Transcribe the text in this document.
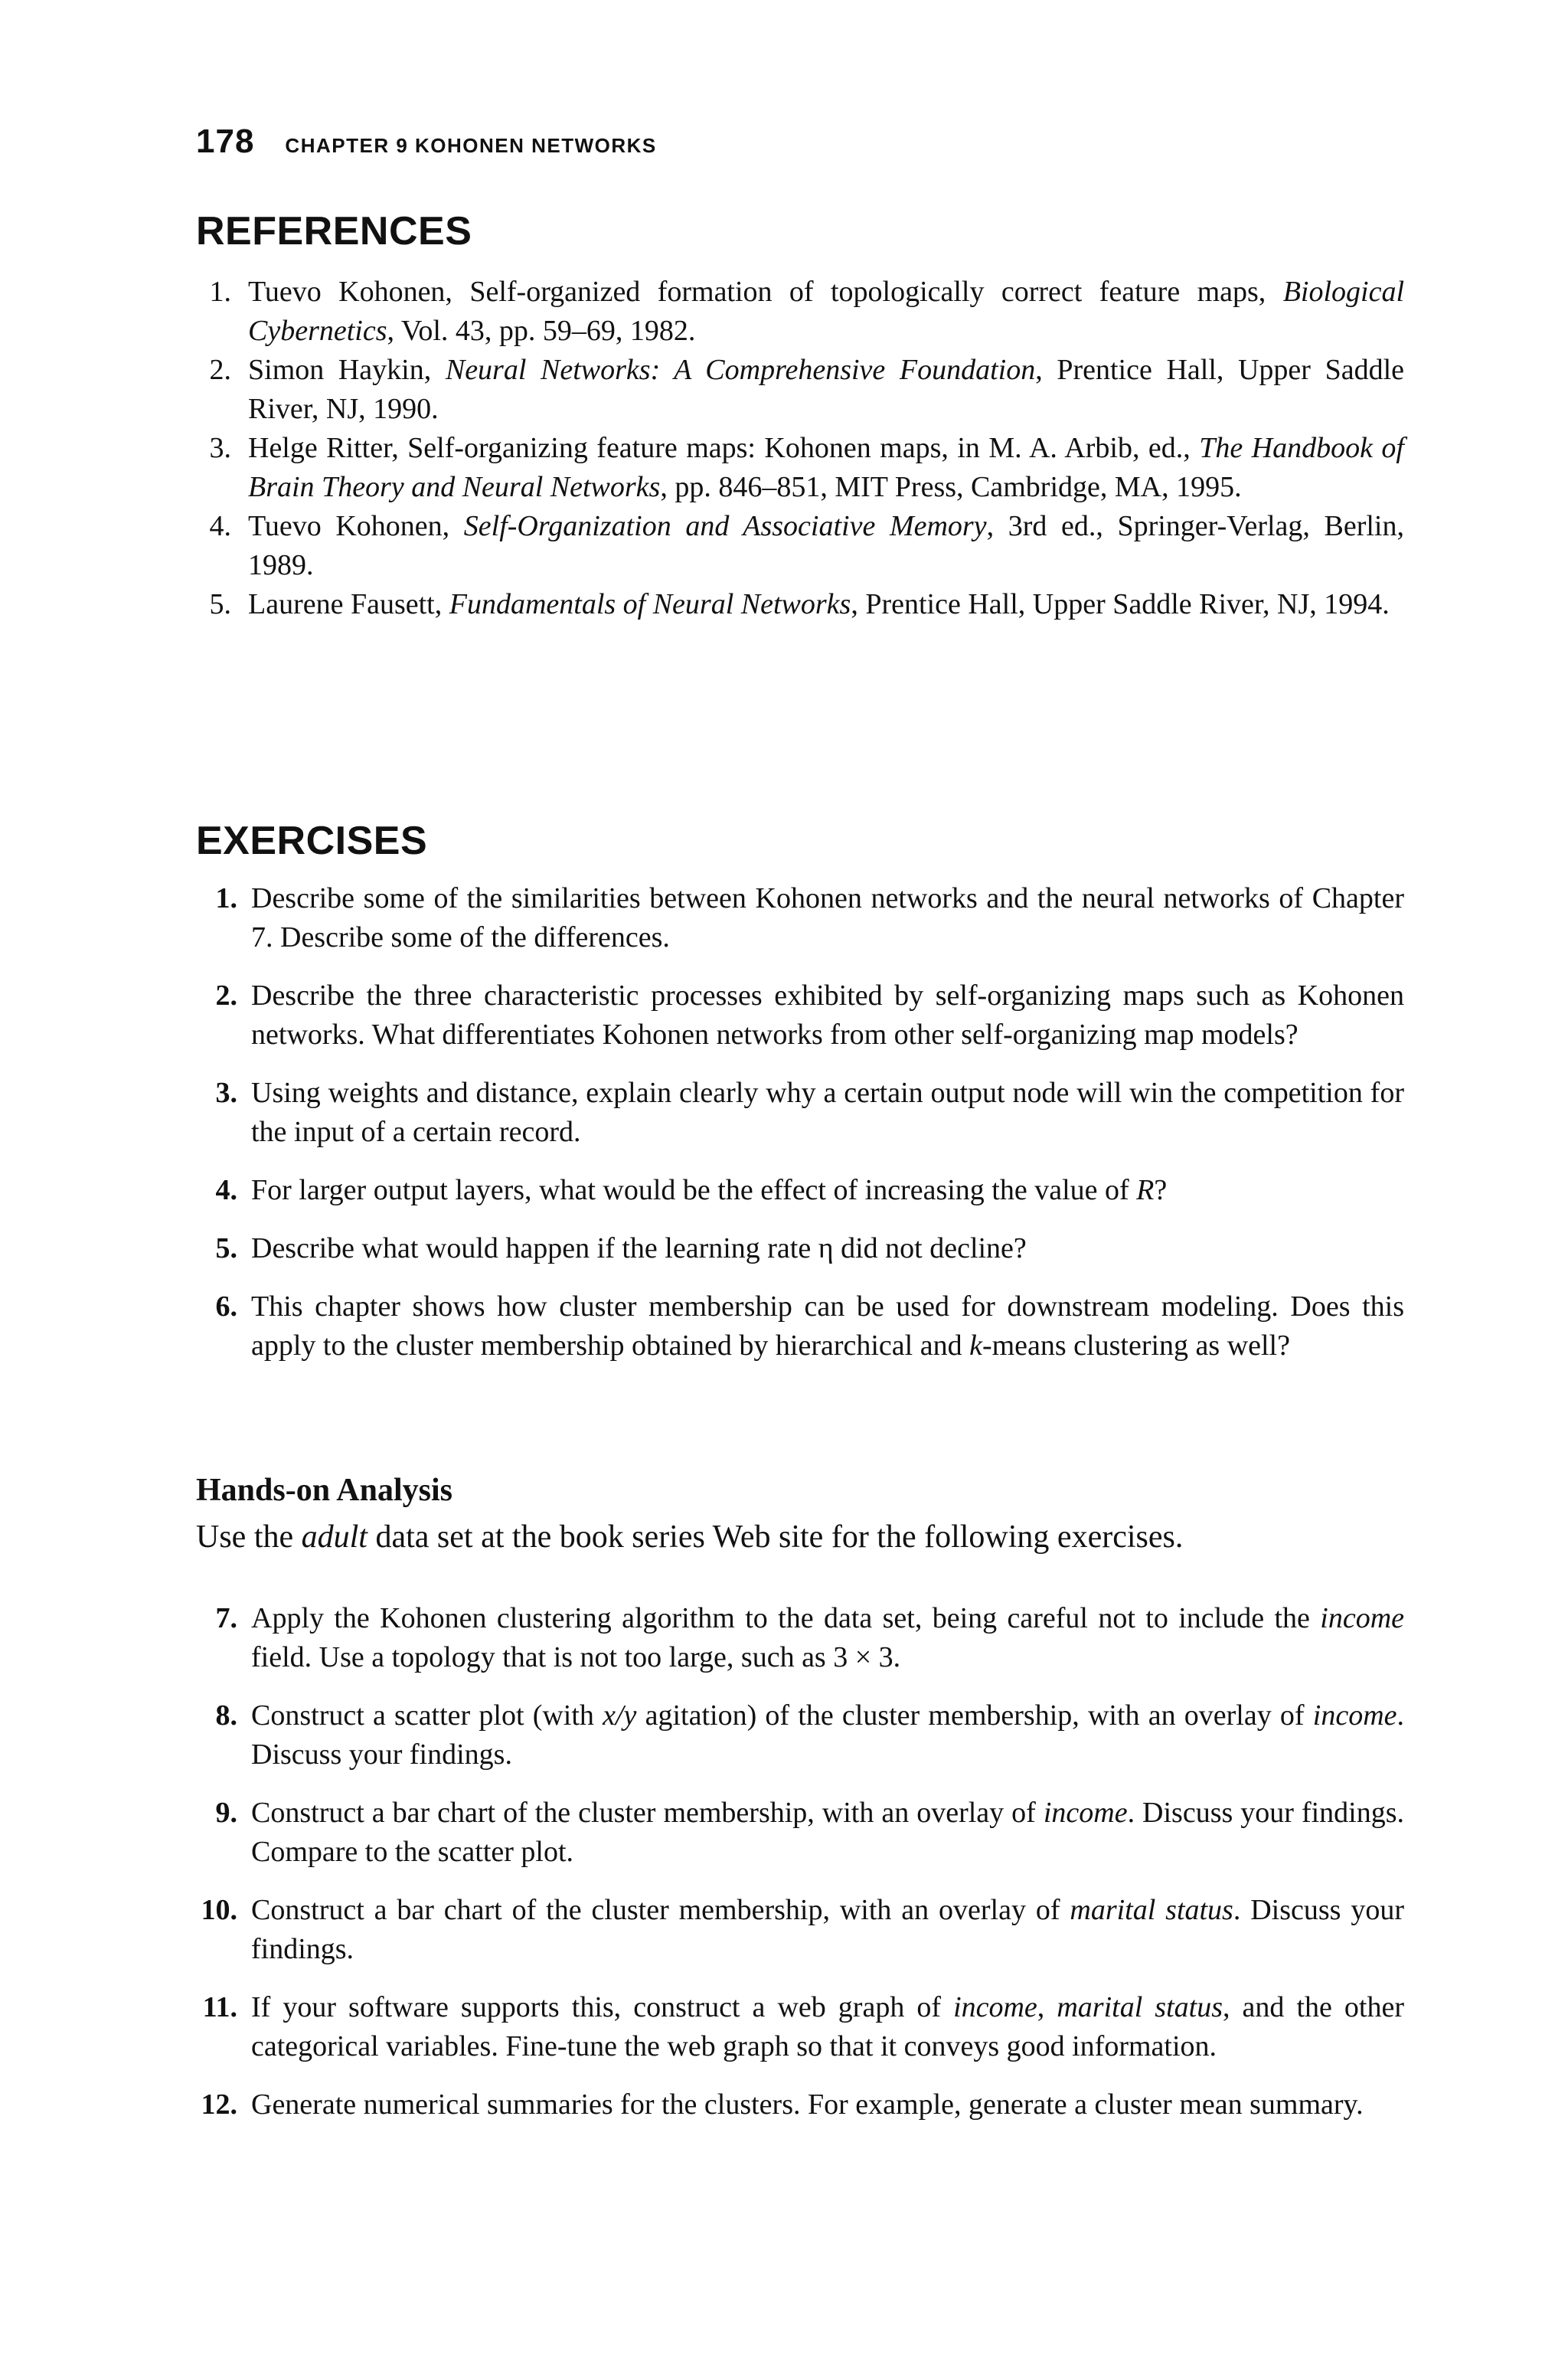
178 CHAPTER 9 KOHONEN NETWORKS
REFERENCES
1. Tuevo Kohonen, Self-organized formation of topologically correct feature maps, Biological Cybernetics, Vol. 43, pp. 59–69, 1982.
2. Simon Haykin, Neural Networks: A Comprehensive Foundation, Prentice Hall, Upper Saddle River, NJ, 1990.
3. Helge Ritter, Self-organizing feature maps: Kohonen maps, in M. A. Arbib, ed., The Handbook of Brain Theory and Neural Networks, pp. 846–851, MIT Press, Cambridge, MA, 1995.
4. Tuevo Kohonen, Self-Organization and Associative Memory, 3rd ed., Springer-Verlag, Berlin, 1989.
5. Laurene Fausett, Fundamentals of Neural Networks, Prentice Hall, Upper Saddle River, NJ, 1994.
EXERCISES
1. Describe some of the similarities between Kohonen networks and the neural networks of Chapter 7. Describe some of the differences.
2. Describe the three characteristic processes exhibited by self-organizing maps such as Kohonen networks. What differentiates Kohonen networks from other self-organizing map models?
3. Using weights and distance, explain clearly why a certain output node will win the competition for the input of a certain record.
4. For larger output layers, what would be the effect of increasing the value of R?
5. Describe what would happen if the learning rate η did not decline?
6. This chapter shows how cluster membership can be used for downstream modeling. Does this apply to the cluster membership obtained by hierarchical and k-means clustering as well?
Hands-on Analysis

Use the adult data set at the book series Web site for the following exercises.

7. Apply the Kohonen clustering algorithm to the data set, being careful not to include the income field. Use a topology that is not too large, such as 3 × 3.
8. Construct a scatter plot (with x/y agitation) of the cluster membership, with an overlay of income. Discuss your findings.
9. Construct a bar chart of the cluster membership, with an overlay of income. Discuss your findings. Compare to the scatter plot.
10. Construct a bar chart of the cluster membership, with an overlay of marital status. Discuss your findings.
11. If your software supports this, construct a web graph of income, marital status, and the other categorical variables. Fine-tune the web graph so that it conveys good information.
12. Generate numerical summaries for the clusters. For example, generate a cluster mean summary.
